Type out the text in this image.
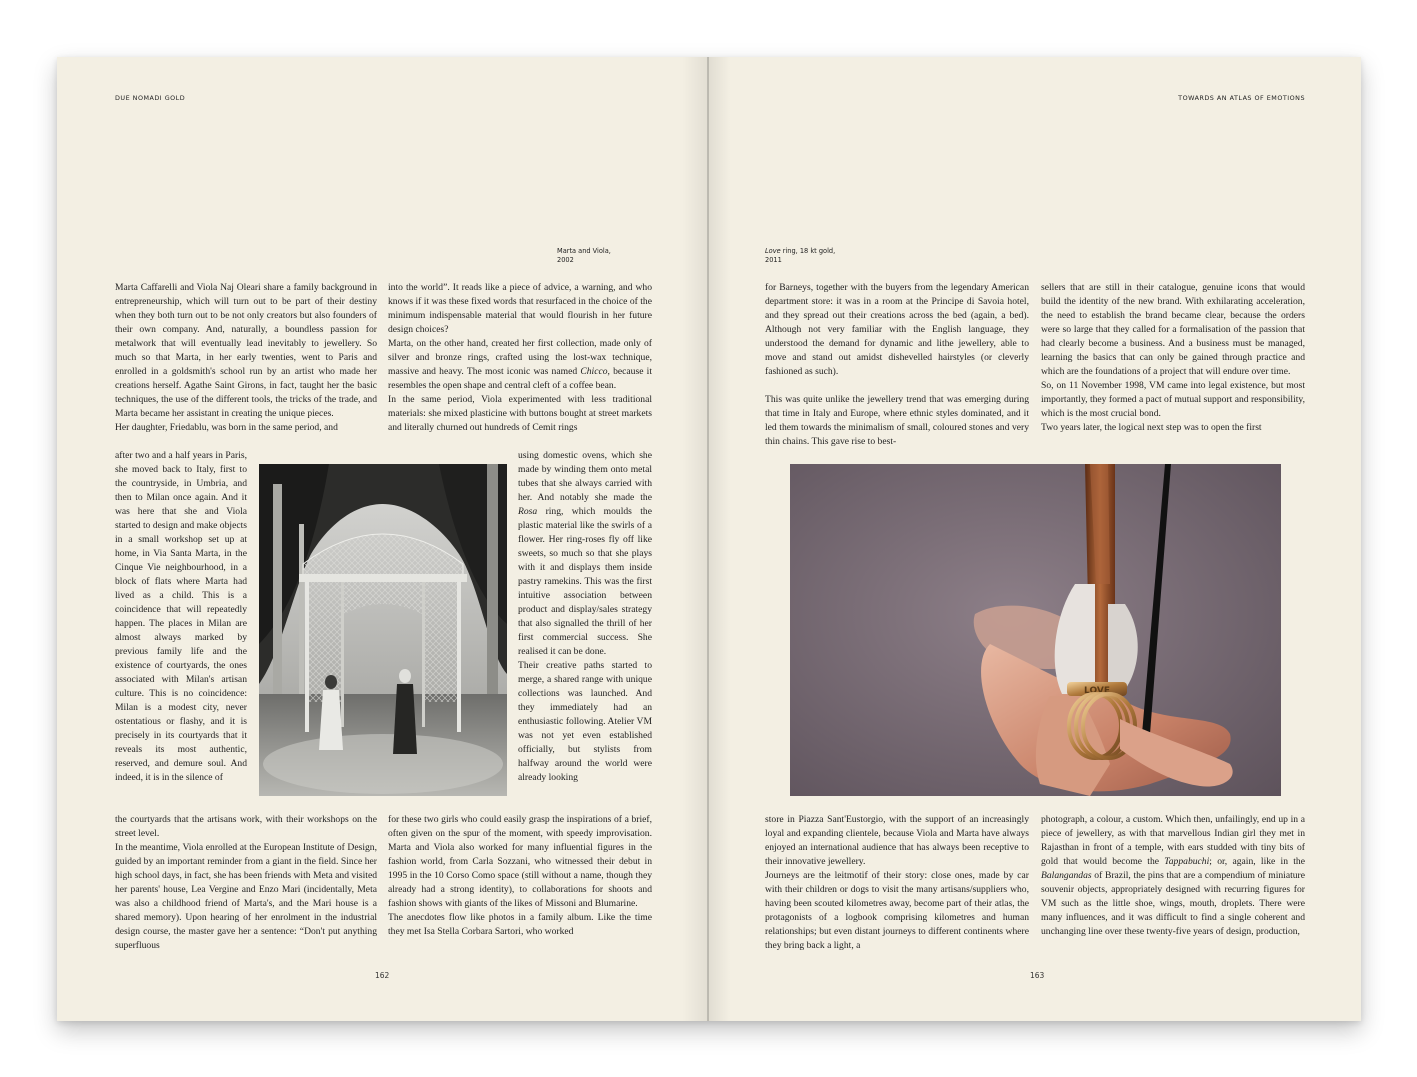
DUE NOMADI GOLD
Marta and Viola,
2002

Marta Caffarelli and Viola Naj Oleari share a family background in entrepreneurship, which will turn out to be part of their destiny when they both turn out to be not only creators but also founders of their own company. And, naturally, a boundless passion for metalwork that will eventually lead inevitably to jewellery. So much so that Marta, in her early twenties, went to Paris and enrolled in a goldsmith's school run by an artist who made her creations herself. Agathe Saint Girons, in fact, taught her the basic techniques, the use of the different tools, the tricks of the trade, and Marta became her assistant in creating the unique pieces.

Her daughter, Friedablu, was born in the same period, and

after two and a half years in Paris, she moved back to Italy, first to the countryside, in Umbria, and then to Milan once again. And it was here that she and Viola started to design and make objects in a small workshop set up at home, in Via Santa Marta, in the Cinque Vie neighbourhood, in a block of flats where Marta had lived as a child. This is a coincidence that will repeatedly happen. The places in Milan are almost always marked by previous family life and the existence of courtyards, the ones associated with Milan's artisan culture. This is no coincidence: Milan is a modest city, never ostentatious or flashy, and it is precisely in its courtyards that it reveals its most authentic, reserved, and demure soul. And indeed, it is in the silence of

the courtyards that the artisans work, with their workshops on the street level.

In the meantime, Viola enrolled at the European Institute of Design, guided by an important reminder from a giant in the field. Since her high school days, in fact, she has been friends with Meta and visited her parents' house, Lea Vergine and Enzo Mari (incidentally, Meta was also a childhood friend of Marta's, and the Mari house is a shared memory). Upon hearing of her enrolment in the industrial design course, the master gave her a sentence: “Don't put anything superfluous

into the world”. It reads like a piece of advice, a warning, and who knows if it was these fixed words that resurfaced in the choice of the minimum indispensable material that would flourish in her future design choices?

Marta, on the other hand, created her first collection, made only of silver and bronze rings, crafted using the lost-wax technique, massive and heavy. The most iconic was named Chicco, because it resembles the open shape and central cleft of a coffee bean.

In the same period, Viola experimented with less traditional materials: she mixed plasticine with buttons bought at street markets and literally churned out hundreds of Cemit rings

using domestic ovens, which she made by winding them onto metal tubes that she always carried with her. And notably she made the Rosa ring, which moulds the plastic material like the swirls of a flower. Her ring-roses fly off like sweets, so much so that she plays with it and displays them inside pastry ramekins. This was the first intuitive association between product and display/sales strategy that also signalled the thrill of her first commercial success. She realised it can be done.

Their creative paths started to merge, a shared range with unique collections was launched. And they immediately had an enthusiastic following. Atelier VM was not yet even established officially, but stylists from halfway around the world were already looking

for these two girls who could easily grasp the inspirations of a brief, often given on the spur of the moment, with speedy improvisation. Marta and Viola also worked for many influential figures in the fashion world, from Carla Sozzani, who witnessed their debut in 1995 in the 10 Corso Como space (still without a name, though they already had a strong identity), to collaborations for shoots and fashion shows with giants of the likes of Missoni and Blumarine.

The anecdotes flow like photos in a family album. Like the time they met Isa Stella Corbara Sartori, who worked

162
TOWARDS AN ATLAS OF EMOTIONS
Love ring, 18 kt gold,
2011

for Barneys, together with the buyers from the legendary American department store: it was in a room at the Principe di Savoia hotel, and they spread out their creations across the bed (again, a bed). Although not very familiar with the English language, they understood the demand for dynamic and lithe jewellery, able to move and stand out amidst dishevelled hairstyles (or cleverly fashioned as such).

This was quite unlike the jewellery trend that was emerging during that time in Italy and Europe, where ethnic styles dominated, and it led them towards the minimalism of small, coloured stones and very thin chains. This gave rise to best-

sellers that are still in their catalogue, genuine icons that would build the identity of the new brand. With exhilarating acceleration, the need to establish the brand became clear, because the orders were so large that they called for a formalisation of the passion that had clearly become a business. And a business must be managed, learning the basics that can only be gained through practice and which are the foundations of a project that will endure over time.

So, on 11 November 1998, VM came into legal existence, but most importantly, they formed a pact of mutual support and responsibility, which is the most crucial bond.

Two years later, the logical next step was to open the first

LOVE

store in Piazza Sant'Eustorgio, with the support of an increasingly loyal and expanding clientele, because Viola and Marta have always enjoyed an international audience that has always been receptive to their innovative jewellery.

Journeys are the leitmotif of their story: close ones, made by car with their children or dogs to visit the many artisans/suppliers who, having been scouted kilometres away, become part of their atlas, the protagonists of a logbook comprising kilometres and human relationships; but even distant journeys to different continents where they bring back a light, a

photograph, a colour, a custom. Which then, unfailingly, end up in a piece of jewellery, as with that marvellous Indian girl they met in Rajasthan in front of a temple, with ears studded with tiny bits of gold that would become the Tappabuchi; or, again, like in the Balangandas of Brazil, the pins that are a compendium of miniature souvenir objects, appropriately designed with recurring figures for VM such as the little shoe, wings, mouth, droplets. There were many influences, and it was difficult to find a single coherent and unchanging line over these twenty-five years of design, production,

163
